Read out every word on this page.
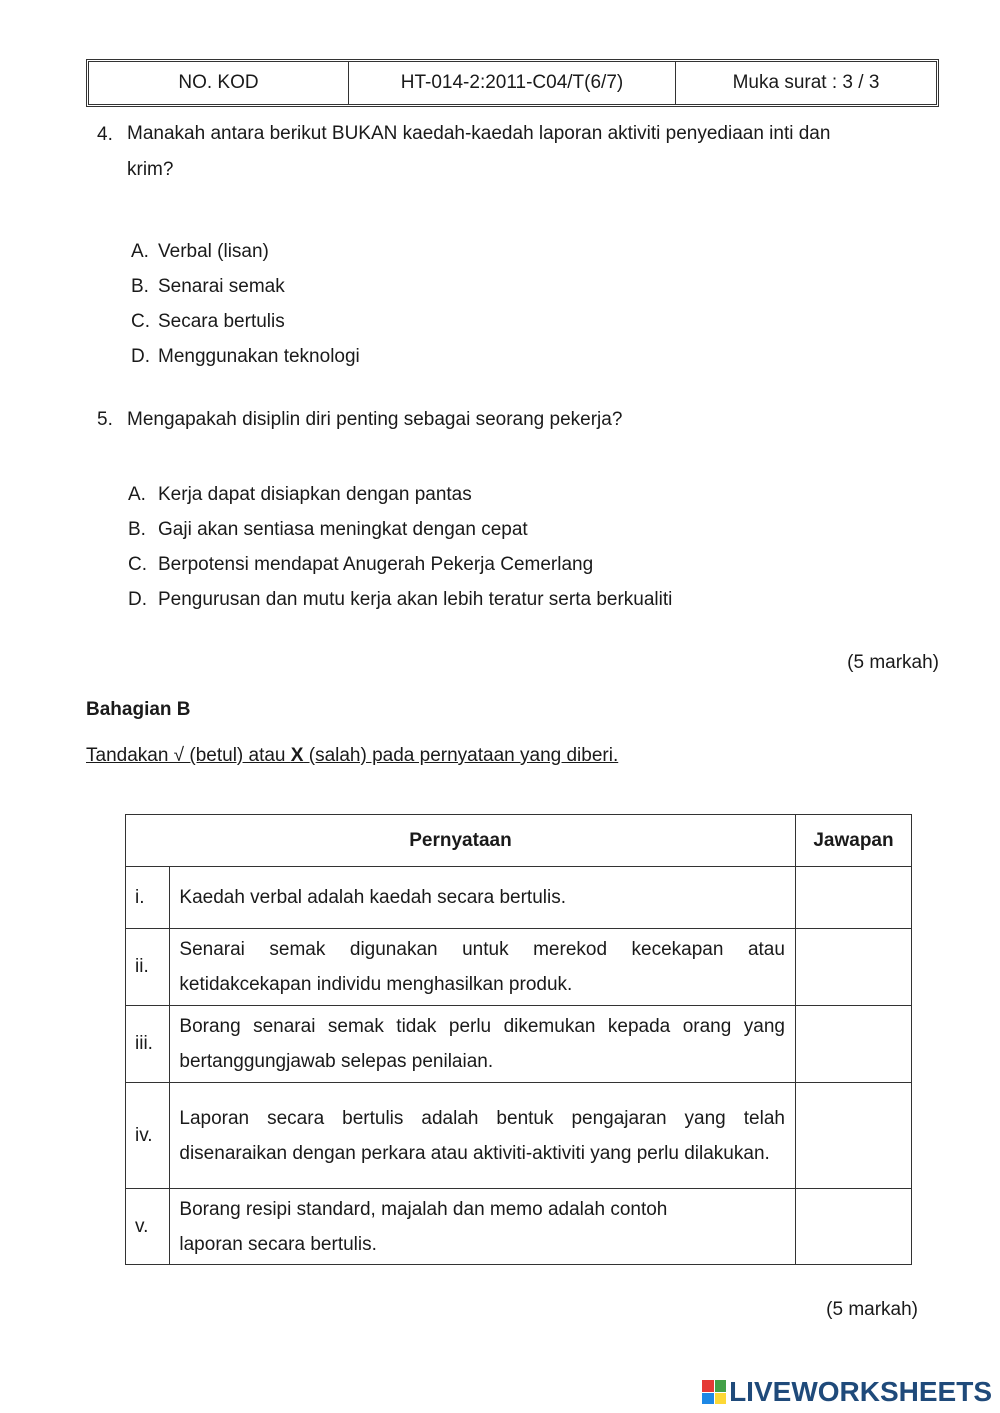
NO. KOD	HT-014-2:2011-C04/T(6/7)	Muka surat : 3 / 3
4. Manakah antara berikut BUKAN kaedah-kaedah laporan aktiviti penyediaan inti dan
krim?
A. Verbal (lisan)
B. Senarai semak
C. Secara bertulis
D. Menggunakan teknologi
5. Mengapakah disiplin diri penting sebagai seorang pekerja?
A. Kerja dapat disiapkan dengan pantas
B. Gaji akan sentiasa meningkat dengan cepat
C. Berpotensi mendapat Anugerah Pekerja Cemerlang
D. Pengurusan dan mutu kerja akan lebih teratur serta berkualiti
(5 markah)
Bahagian B
Tandakan √ (betul) atau X (salah) pada pernyataan yang diberi.
Pernyataan		Jawapan
i.	Kaedah verbal adalah kaedah secara bertulis.	
ii.	Senarai semak digunakan untuk merekod kecekapan atau ketidakcekapan individu menghasilkan produk.	
iii.	Borang senarai semak tidak perlu dikemukan kepada orang yang bertanggungjawab selepas penilaian.	
iv.	Laporan secara bertulis adalah bentuk pengajaran yang telah disenaraikan dengan perkara atau aktiviti-aktiviti yang perlu dilakukan.	
v.	Borang resipi standard, majalah dan memo adalah contoh
laporan secara bertulis.	

(5 markah)
LIVEWORKSHEETS
